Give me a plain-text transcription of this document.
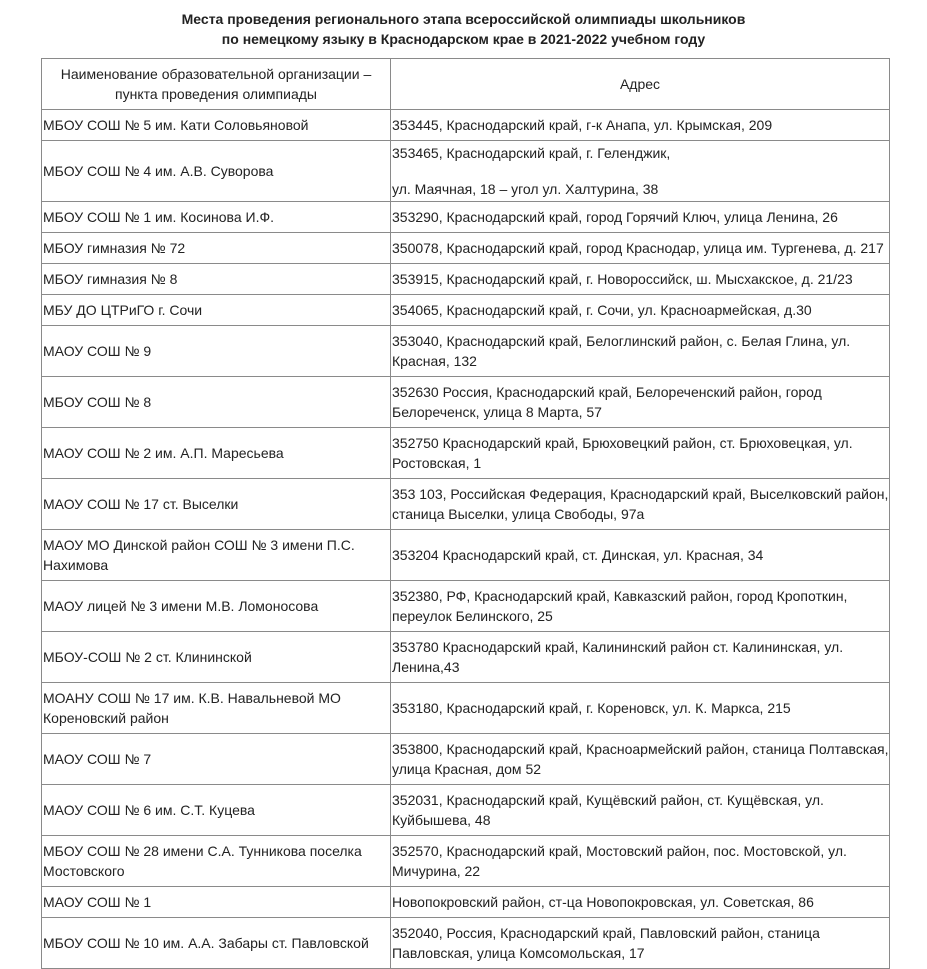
Места проведения регионального этапа всероссийской олимпиады школьников
по немецкому языку в Краснодарском крае в 2021-2022 учебном году
Наименование образовательной организации – пункта проведения олимпиады	Адрес
МБОУ СОШ № 5 им. Кати Соловьяновой	353445, Краснодарский край, г-к Анапа, ул. Крымская, 209
МБОУ СОШ № 4 им. А.В. Суворова	353465, Краснодарский край, г. Геленджик,
ул. Маячная, 18 – угол ул. Халтурина, 38

МБОУ СОШ № 1 им. Косинова И.Ф.	353290, Краснодарский край, город Горячий Ключ, улица Ленина, 26
МБОУ гимназия № 72	350078, Краснодарский край, город Краснодар, улица им. Тургенева, д. 217
МБОУ гимназия № 8	353915, Краснодарский край, г. Новороссийск, ш. Мысхакское, д. 21/23
МБУ ДО ЦТРиГО г. Сочи	354065, Краснодарский край, г. Сочи, ул. Красноармейская, д.30
МАОУ СОШ № 9	353040, Краснодарский край, Белоглинский район, с. Белая Глина, ул. Красная, 132
МБОУ СОШ № 8	352630 Россия, Краснодарский край, Белореченский район, город Белореченск, улица 8 Марта, 57
МАОУ СОШ № 2 им. А.П. Маресьева	352750 Краснодарский край, Брюховецкий район, ст. Брюховецкая, ул. Ростовская, 1
МАОУ СОШ № 17 ст. Выселки	353 103, Российская Федерация, Краснодарский край, Выселковский район, станица Выселки, улица Свободы, 97а
МАОУ МО Динской район СОШ № 3 имени П.С. Нахимова	353204 Краснодарский край, ст. Динская, ул. Красная, 34
МАОУ лицей № 3 имени М.В. Ломоносова	352380, РФ, Краснодарский край, Кавказский район, город Кропоткин, переулок Белинского, 25
МБОУ-СОШ № 2 ст. Клининской	353780 Краснодарский край, Калининский район ст. Калининская, ул. Ленина,43
МОАНУ СОШ № 17 им. К.В. Навальневой МО Кореновский район	353180, Краснодарский край, г. Кореновск, ул. К. Маркса, 215
МАОУ СОШ № 7	353800, Краснодарский край, Красноармейский район, станица Полтавская, улица Красная, дом 52
МАОУ СОШ № 6 им. С.Т. Куцева	352031, Краснодарский край, Кущёвский район, ст. Кущёвская, ул. Куйбышева, 48
МБОУ СОШ № 28 имени С.А. Тунникова поселка Мостовского	352570, Краснодарский край, Мостовский район, пос. Мостовской, ул. Мичурина, 22
МАОУ СОШ № 1	Новопокровский район, ст-ца Новопокровская, ул. Советская, 86
МБОУ СОШ № 10 им. А.А. Забары ст. Павловской	352040, Россия, Краснодарский край, Павловский район, станица Павловская, улица Комсомольская, 17
